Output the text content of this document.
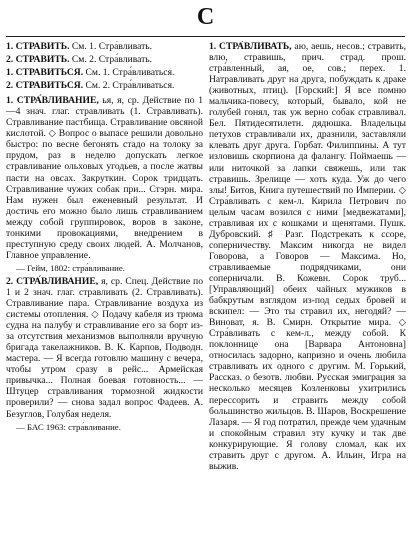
С

1. СТРАВИТЬ. См. 1. Стра́вливать.

2. СТРАВИТЬ. См. 2. Стра́вливать.

1. СТРАВИТЬСЯ. См. 1. Стра́вливаться.

2. СТРАВИТЬСЯ. См. 2. Стра́вливаться.

1. СТРА́ВЛИВАНИЕ, ья, я, ср. Действие по 1—4 знач. глаг. стравливать (1. Стравливать). Стравливание пастбища. Стравливание овсяной кислотой. ◇ Вопрос о выпасе решили довольно быстро: по весне бегонять стадо на толоку за прудом, раз в неделю допускать легкое стравливание ольховых угодьев, а после жатвы пасти на овсах. Закруткин. Сорок тридцать. Стравливание чужих собак при... Стэрн. мира. Нам нужен был еженевный результат. И достичь его можно было лишь стравливанием между собой группировок, воров в законе, тонкими провокациями, внедрением в преступную среду своих людей. А. Молчанов, Главное управление.

— Гейм, 1802: стра́вливание.

2. СТРА́ВЛИВАНИЕ, я, ср. Спец. Действие по 1 и 2 знач. глаг. стравливать (2. Стравливать). Стравливание пара. Стравливание воздуха из системы отопления. ◇ Подачу кабеля из трюма судна на палубу и стравливание его за борт из-за отсутствия механизмов выполняли вручную бригада такелажников. В. К. Карпов, Подводн. мастера. — Я всегда готовлю машину с вечера, чтобы утром сразу в рейс... Армейская привычка... Полная боевая готовность... — Штуцер стравливания тормозной жидкости проверили? — снова задал вопрос Фадеев. А. Безуглов, Голубая неделя.

— БАС 1963: стра́вливание.

1. СТРА́ВЛИВАТЬ, аю, аешь, несов.; стравить, влю, стравишь, прич. страд. прош. стра́вленный, ая, ое, сов.; перех. 1. Натравливать друг на друга, побуждать к драке (животных, птиц). [Горский:] Я все помню мальчика-повесу, который, бывало, кой не голубей гонял, так уж верно собак стравливал. Бел. Пятидесятилетн. дядюшка. Владельцы петухов стравливали их, дразнили, заставляли клевать друг друга. Горбат. Филиппины. А тут изловишь скорпиона да фалангу. Поймаешь — или ниточкой за лапки свяжешь, или так стравишь. Зрелище — хоть куда. Уж до чего злы! Битов, Книга путешествий по Империи. ◇ Стра́вливать с кем-л. Кирила Петрович по целым часам возился с ними [медвежатами], стравливая их с кошками и щенятами. Пушк. Дубровский. ♯ Разг. Подстрекать к ссоре, соперничеству. Максим никогда не видел Говорова, а Говоров — Максима. Но, стравливаемые подрядчиками, они соперничали. В. Кожевн. Сорок труб... [Управляющий] обеих чайных мужиков в бабкрутым взглядом из-под седых бровей и вскипел: — Это ты стравил их, негодяй? — Виноват, я. В. Смирн. Открытие мира. ◇ Стра́вливать с кем-л., между собой. К поклоннице она [Варвара Антоновна] относилась задорно, капризно и очень любила стравливать их одного с другим. М. Горький, Рассказ. о безотв. любви. Русская эмиграция за несколько месяцев Козленковы ухитрились перессорить и стравить между собой большинство жильцов. В. Шаров, Воскрешение Лазаря. — Я год потратил, прежде чем удачным и спокойным стравил эту кучку и так две конкурирующие. Я голову сломал, как их стравить друг с другом. А. Ильин, Игра на выжив.
